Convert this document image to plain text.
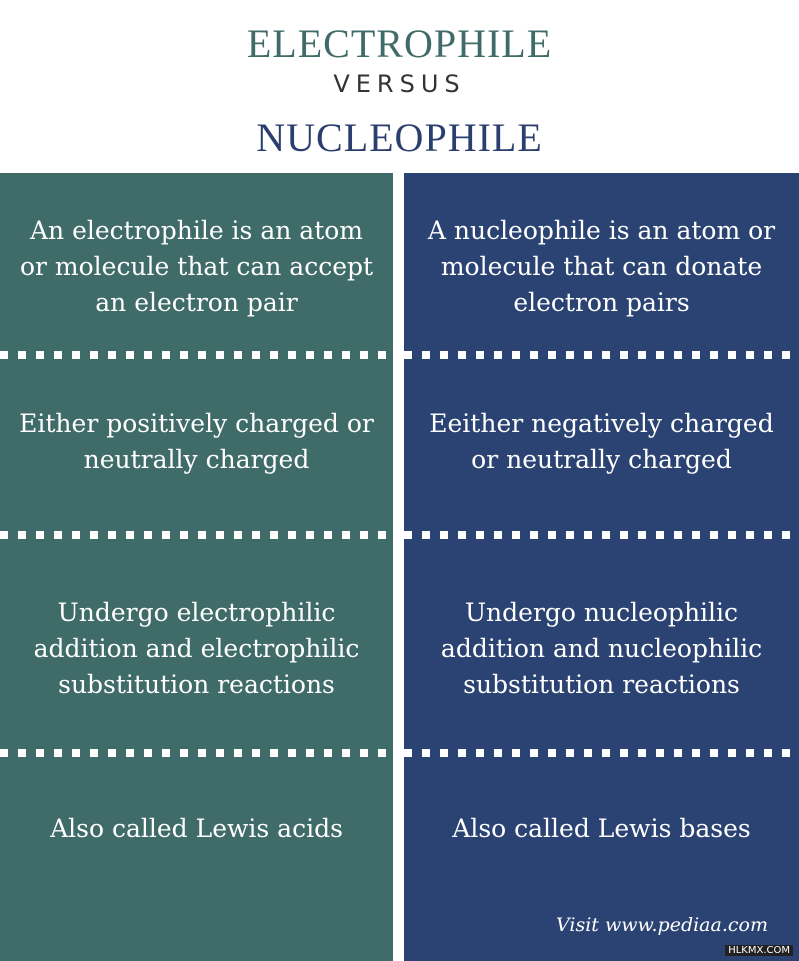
ELECTROPHILE
VERSUS
NUCLEOPHILE
An electrophile is an atom or molecule that can accept an electron pair
Either positively charged or neutrally charged
Undergo electrophilic addition and electrophilic substitution reactions
Also called Lewis acids
A nucleophile is an atom or molecule that can donate electron pairs
Eeither negatively charged or neutrally charged
Undergo nucleophilic addition and nucleophilic substitution reactions
Also called Lewis bases
Visit www.pediaa.com
HLKMX.COM
